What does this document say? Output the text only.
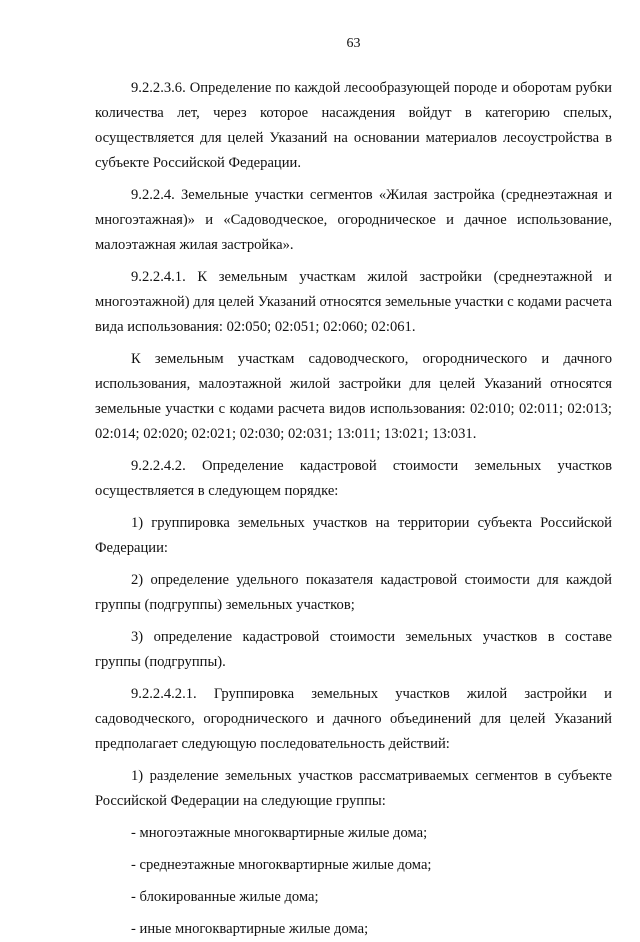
63

9.2.2.3.6. Определение по каждой лесообразующей породе и оборотам рубки количества лет, через которое насаждения войдут в категорию спелых, осуществляется для целей Указаний на основании материалов лесоустройства в субъекте Российской Федерации.

9.2.2.4. Земельные участки сегментов «Жилая застройка (среднеэтажная и многоэтажная)» и «Садоводческое, огородническое и дачное использование, малоэтажная жилая застройка».

9.2.2.4.1. К земельным участкам жилой застройки (среднеэтажной и многоэтажной) для целей Указаний относятся земельные участки с кодами расчета вида использования: 02:050; 02:051; 02:060; 02:061.

К земельным участкам садоводческого, огороднического и дачного использования, малоэтажной жилой застройки для целей Указаний относятся земельные участки с кодами расчета видов использования: 02:010; 02:011; 02:013; 02:014; 02:020; 02:021; 02:030; 02:031; 13:011; 13:021; 13:031.

9.2.2.4.2. Определение кадастровой стоимости земельных участков осуществляется в следующем порядке:

1) группировка земельных участков на территории субъекта Российской Федерации:

2) определение удельного показателя кадастровой стоимости для каждой группы (подгруппы) земельных участков;

3) определение кадастровой стоимости земельных участков в составе группы (подгруппы).

9.2.2.4.2.1. Группировка земельных участков жилой застройки и садоводческого, огороднического и дачного объединений для целей Указаний предполагает следующую последовательность действий:

1) разделение земельных участков рассматриваемых сегментов в субъекте Российской Федерации на следующие группы:

- многоэтажные многоквартирные жилые дома;
- среднеэтажные многоквартирные жилые дома;
- блокированные жилые дома;
- иные многоквартирные жилые дома;
